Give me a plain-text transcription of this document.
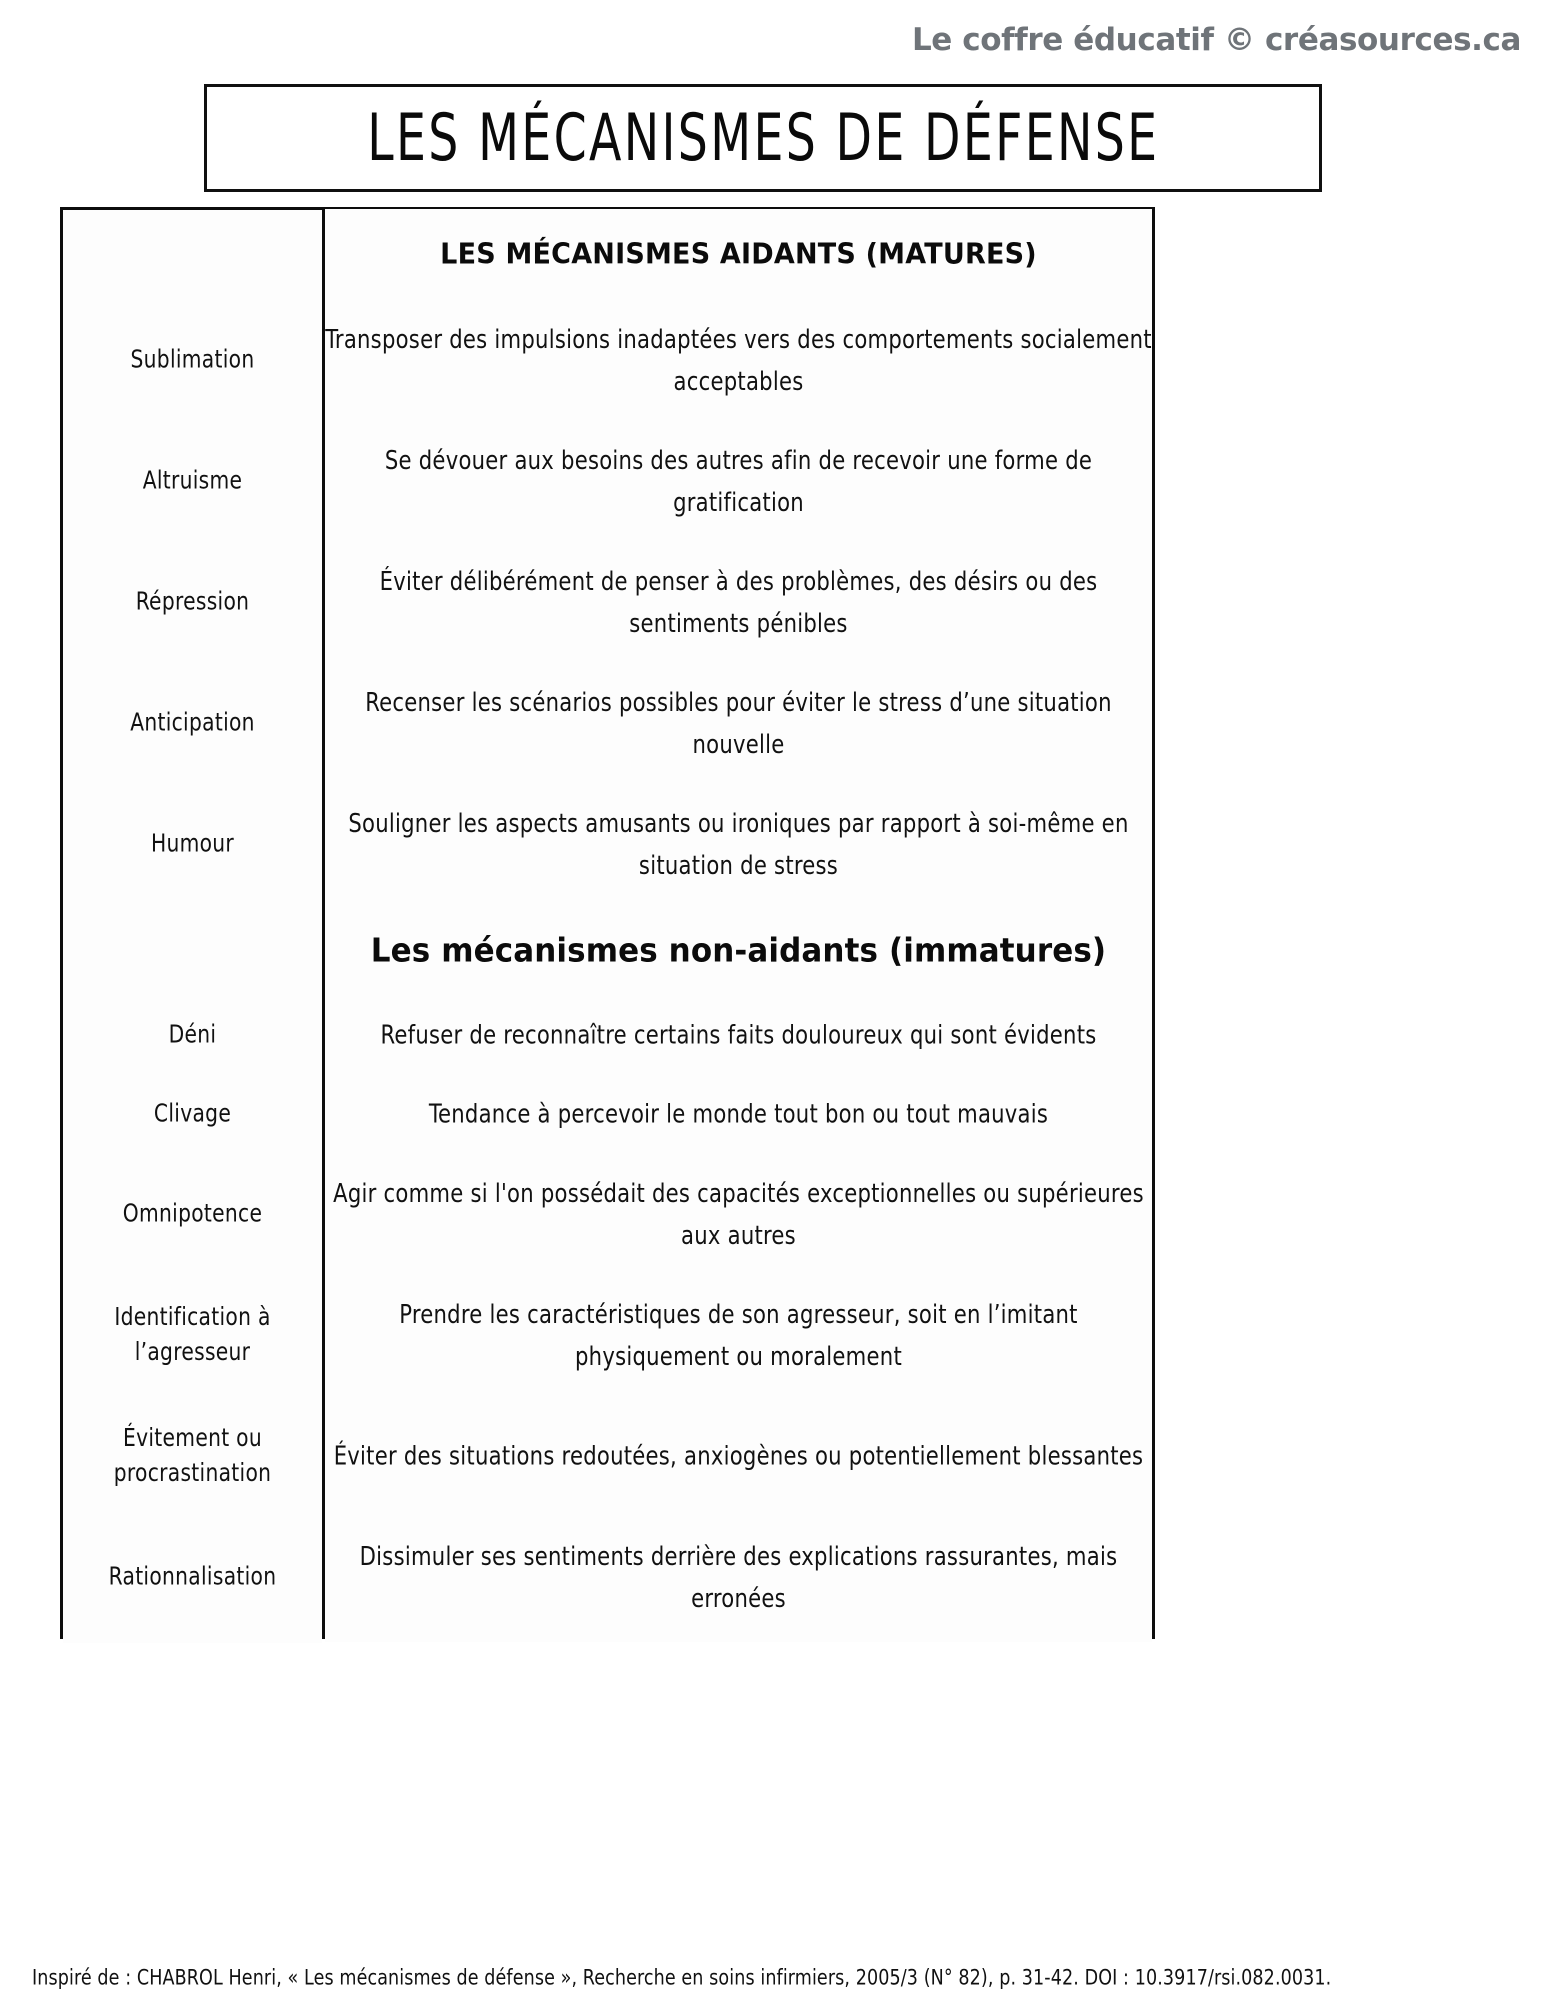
Le coffre éducatif © créasources.ca
LES MÉCANISMES DE DÉFENSE
	LES MÉCANISMES AIDANTS (MATURES)
Sublimation	Transposer des impulsions inadaptées vers des comportements socialement acceptables
Altruisme	Se dévouer aux besoins des autres afin de recevoir une forme de gratification
Répression	Éviter délibérément de penser à des problèmes, des désirs ou des sentiments pénibles
Anticipation	Recenser les scénarios possibles pour éviter le stress d’une situation nouvelle
Humour	Souligner les aspects amusants ou ironiques par rapport à soi-même en situation de stress
	Les mécanismes non-aidants (immatures)
Déni	Refuser de reconnaître certains faits douloureux qui sont évidents
Clivage	Tendance à percevoir le monde tout bon ou tout mauvais
Omnipotence	Agir comme si l'on possédait des capacités exceptionnelles ou supérieures aux autres
Identification à l’agresseur	Prendre les caractéristiques de son agresseur, soit en l’imitant physiquement ou moralement
Évitement ou procrastination	Éviter des situations redoutées, anxiogènes ou potentiellement blessantes
Rationnalisation	Dissimuler ses sentiments derrière des explications rassurantes, mais erronées
Inspiré de : CHABROL Henri, « Les mécanismes de défense », Recherche en soins infirmiers, 2005/3 (N° 82), p. 31-42. DOI : 10.3917/rsi.082.0031.
